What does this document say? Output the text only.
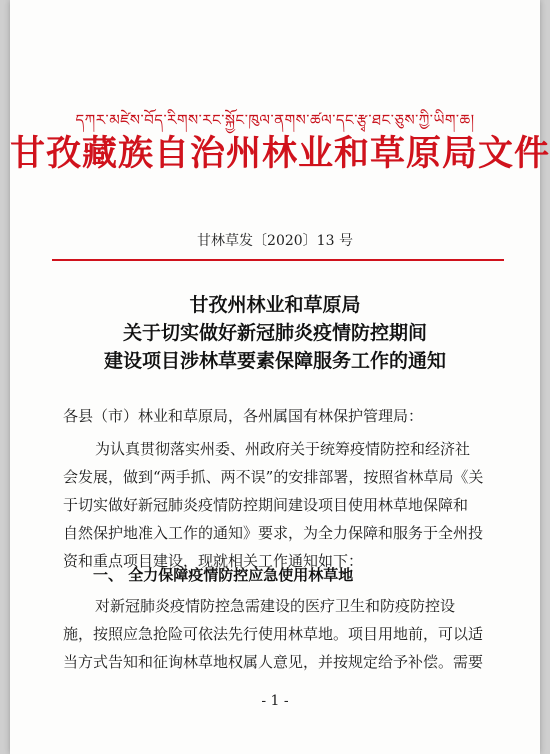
དཀར་མཛེས་བོད་རིགས་རང་སྐྱོང་ཁུལ་ནགས་ཚལ་དང་རྩྭ་ཐང་ཅུས་ཀྱི་ཡིག་ཆ།
甘孜藏族自治州林业和草原局文件
甘林草发〔2020〕13 号
甘孜州林业和草原局
关于切实做好新冠肺炎疫情防控期间
建设项目涉林草要素保障服务工作的通知
各县（市）林业和草原局，各州属国有林保护管理局：
为认真贯彻落实州委、州政府关于统筹疫情防控和经济社
会发展，做到“两手抓、两不误”的安排部署，按照省林草局《关
于切实做好新冠肺炎疫情防控期间建设项目使用林草地保障和
自然保护地准入工作的通知》要求，为全力保障和服务于全州投
资和重点项目建设，现就相关工作通知如下：
一、 全力保障疫情防控应急使用林草地
对新冠肺炎疫情防控急需建设的医疗卫生和防疫防控设
施，按照应急抢险可依法先行使用林草地。项目用地前，可以适
当方式告知和征询林草地权属人意见，并按规定给予补偿。需要
- 1 -
